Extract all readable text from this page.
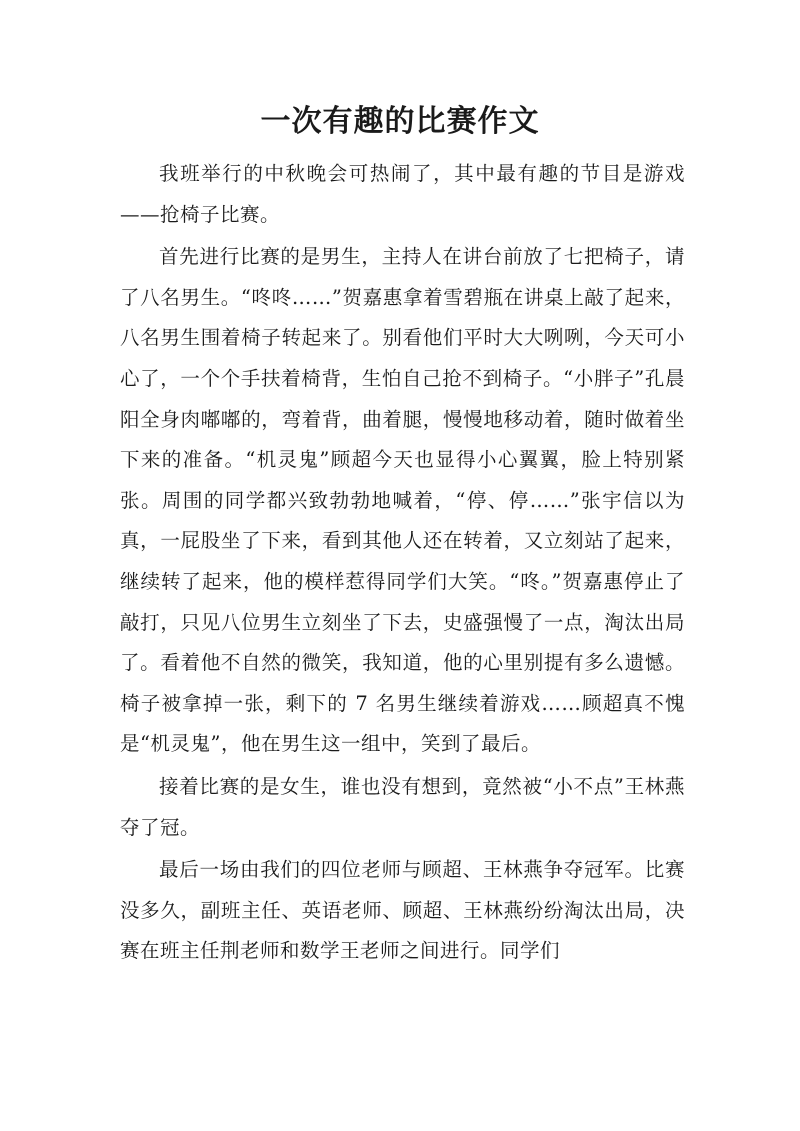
一次有趣的比赛作文

我班举行的中秋晚会可热闹了，其中最有趣的节目是游戏——抢椅子比赛。

首先进行比赛的是男生，主持人在讲台前放了七把椅子，请了八名男生。“咚咚……”贺嘉惠拿着雪碧瓶在讲桌上敲了起来，八名男生围着椅子转起来了。别看他们平时大大咧咧，今天可小心了，一个个手扶着椅背，生怕自己抢不到椅子。“小胖子”孔晨阳全身肉嘟嘟的，弯着背，曲着腿，慢慢地移动着，随时做着坐下来的准备。“机灵鬼”顾超今天也显得小心翼翼，脸上特别紧张。周围的同学都兴致勃勃地喊着，“停、停……”张宇信以为真，一屁股坐了下来，看到其他人还在转着，又立刻站了起来，继续转了起来，他的模样惹得同学们大笑。“咚。”贺嘉惠停止了敲打，只见八位男生立刻坐了下去，史盛强慢了一点，淘汰出局了。看着他不自然的微笑，我知道，他的心里别提有多么遗憾。椅子被拿掉一张，剩下的 7 名男生继续着游戏……顾超真不愧是“机灵鬼”，他在男生这一组中，笑到了最后。

接着比赛的是女生，谁也没有想到，竟然被“小不点”王林燕夺了冠。

最后一场由我们的四位老师与顾超、王林燕争夺冠军。比赛没多久，副班主任、英语老师、顾超、王林燕纷纷淘汰出局，决赛在班主任荆老师和数学王老师之间进行。同学们
